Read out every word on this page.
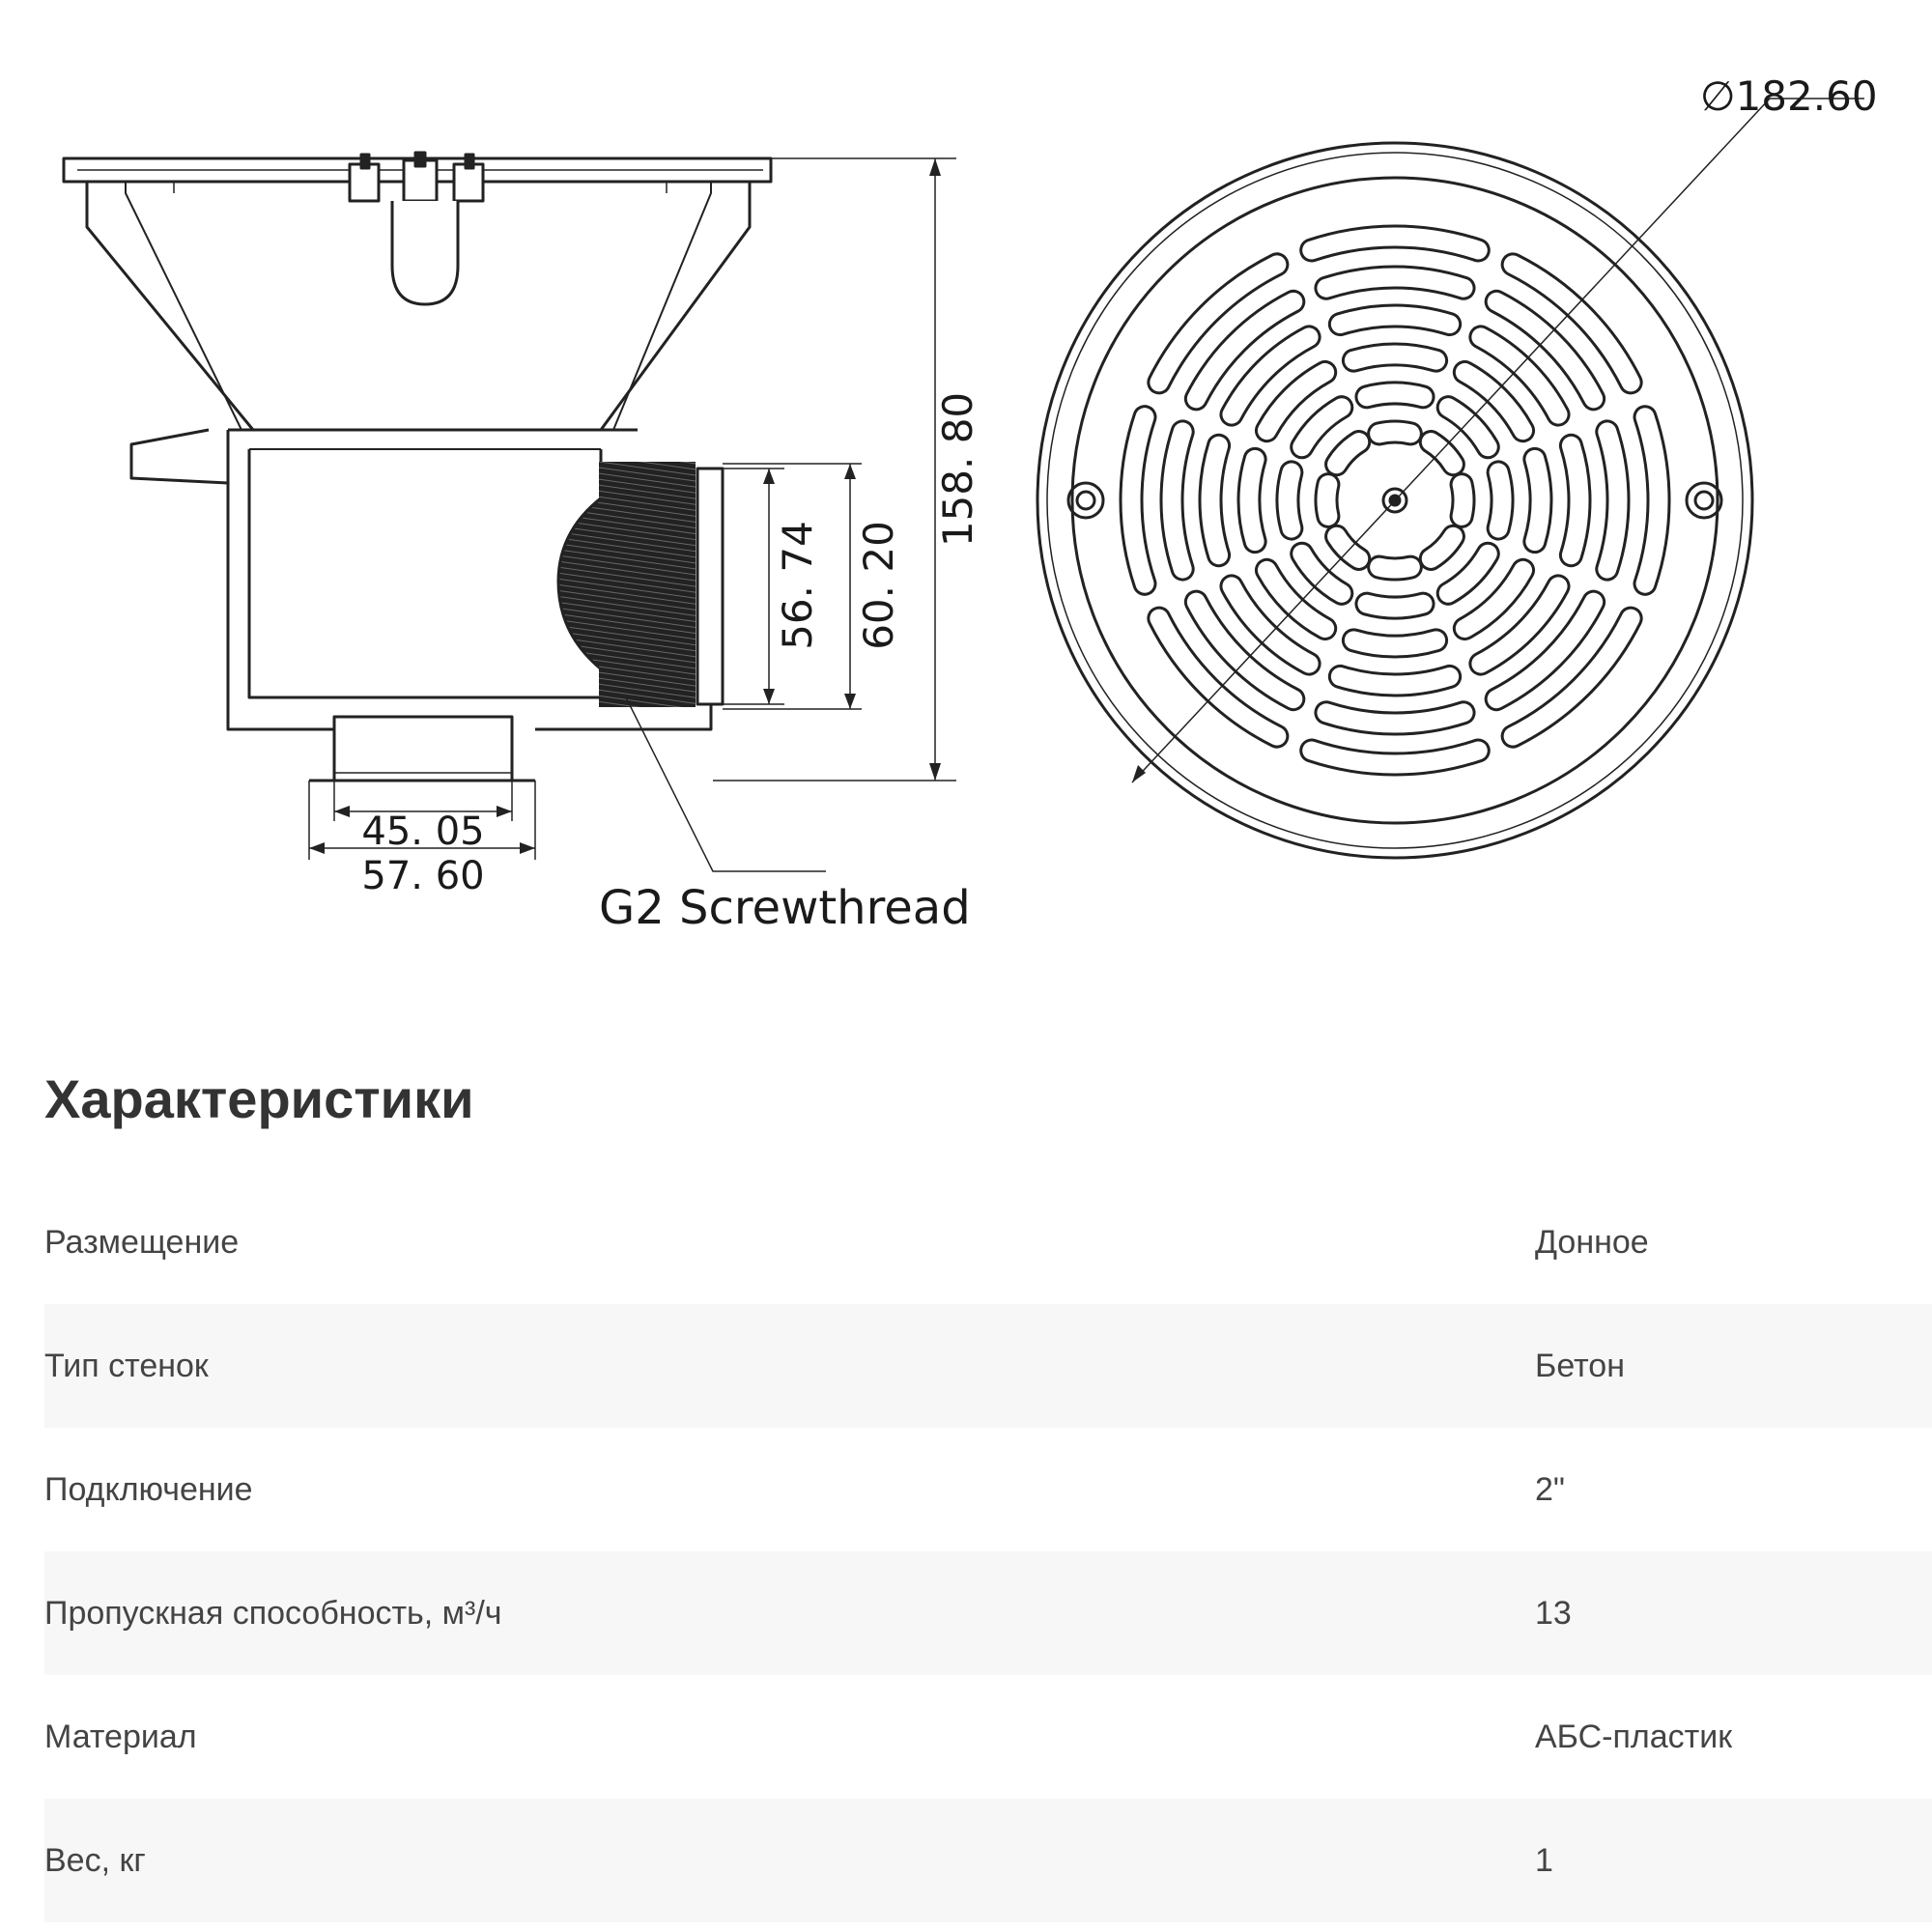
158. 80
56. 74 60. 20
45. 05
57. 60
G2 Screwthread
∅182.60
Характеристики
Размещение	Донное
Тип стенок	Бетон
Подключение	2"
Пропускная способность, м³/ч	13
Материал	АБС-пластик
Вес, кг	1
